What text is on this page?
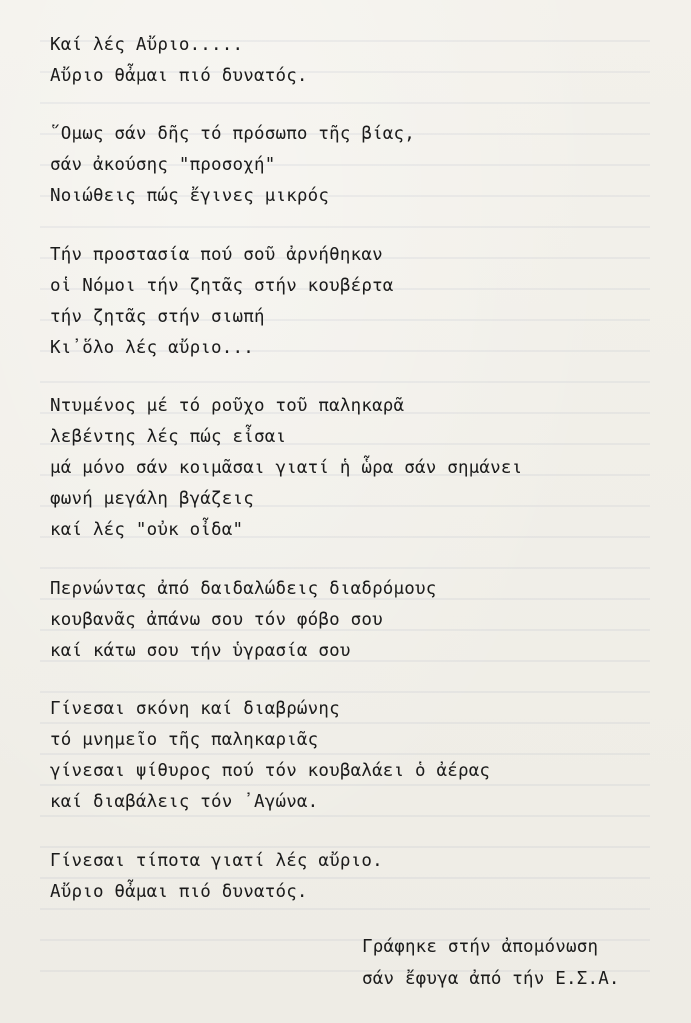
Καί λές Αὔριο.....
Αὔριο θἆμαι πιό δυνατός.
῞Ομως σάν δῆς τό πρόσωπο τῆς βίας,
σάν ἀκούσης "προσοχή"
Νοιώθεις πώς ἔγινες μικρός
Τήν προστασία πού σοῦ ἀρνήθηκαν
οἱ Νόμοι τήν ζητᾶς στήν κουβέρτα
τήν ζητᾶς στήν σιωπή
Κι᾿ὅλο λές αὔριο...
Ντυμένος μέ τό ροῦχο τοῦ παληκαρᾶ
λεβέντης λές πώς εἶσαι
μά μόνο σάν κοιμᾶσαι γιατί ἡ ὧρα σάν σημάνει
φωνή μεγάλη βγάζεις
καί λές "οὐκ οἶδα"
Περνώντας ἀπό δαιδαλώδεις διαδρόμους
κουβανᾶς ἀπάνω σου τόν φόβο σου
καί κάτω σου τήν ὑγρασία σου
Γίνεσαι σκόνη καί διαβρώνης
τό μνημεῖο τῆς παληκαριᾶς
γίνεσαι ψίθυρος πού τόν κουβαλάει ὁ ἀέρας
καί διαβάλεις τόν ᾽Αγώνα.
Γίνεσαι τίποτα γιατί λές αὔριο.
Αὔριο θἆμαι πιό δυνατός.
Γράφηκε στήν ἀπομόνωση
σάν ἔφυγα ἀπό τήν Ε.Σ.Α.
